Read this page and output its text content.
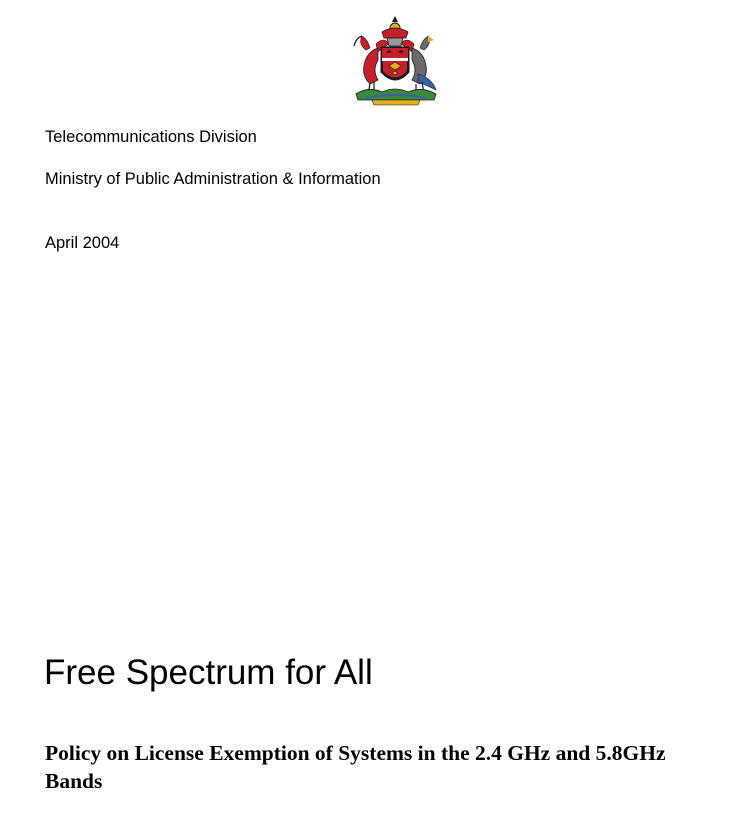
Telecommunications Division
Ministry of Public Administration & Information
April 2004
Free Spectrum for All
Policy on License Exemption of Systems in the 2.4 GHz and 5.8GHz Bands
